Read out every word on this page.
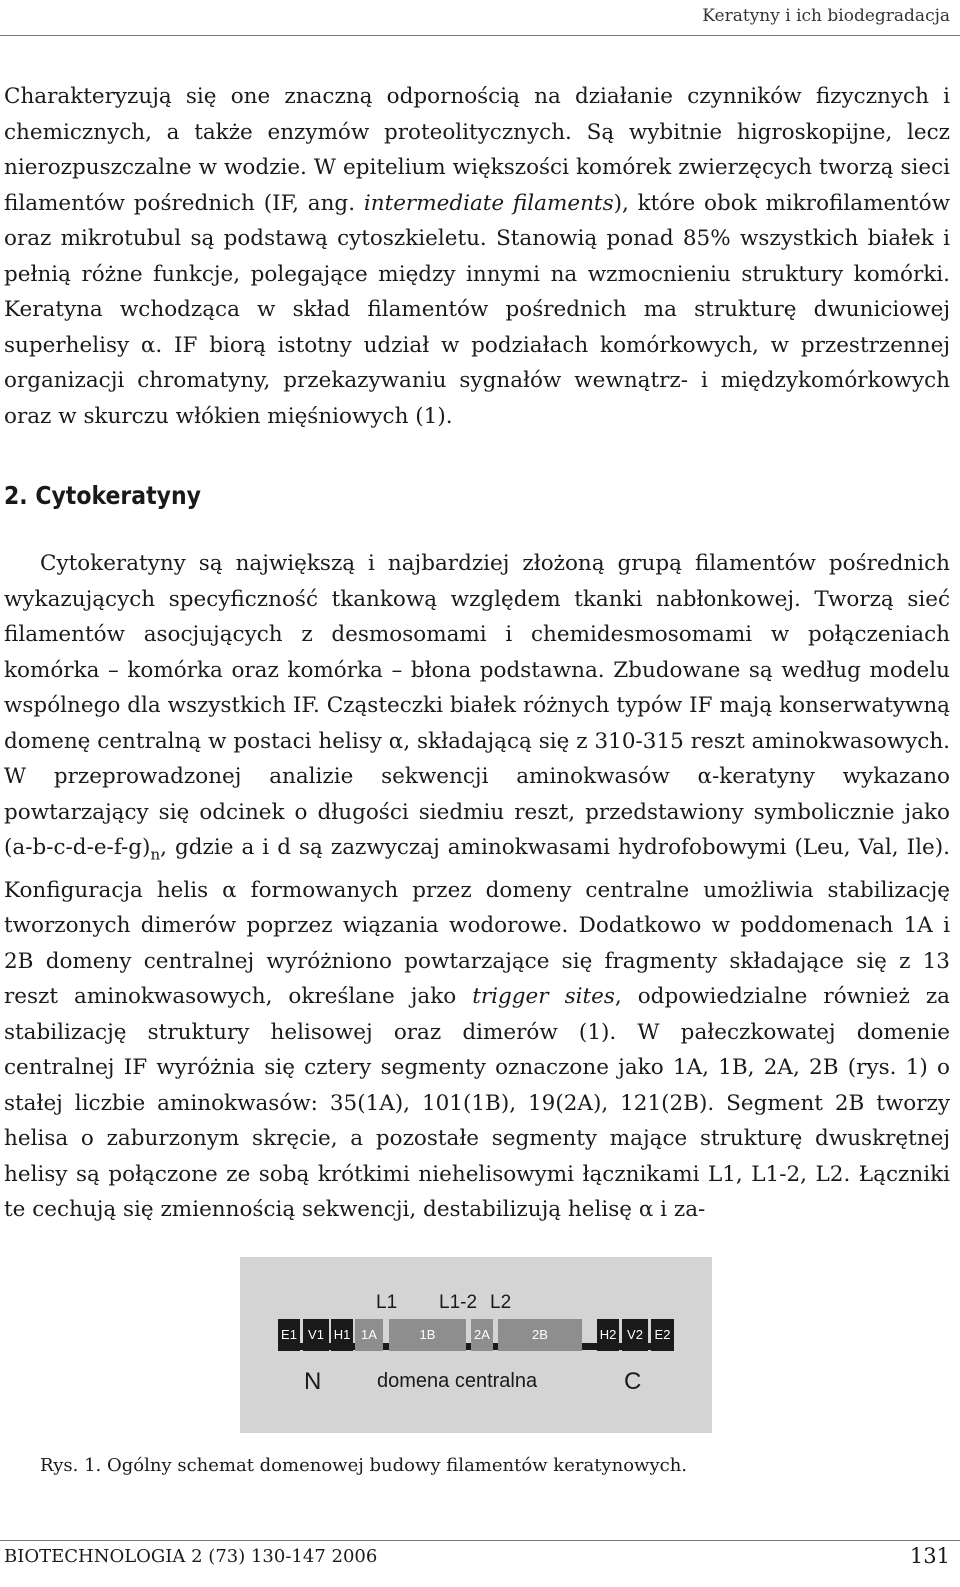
Keratyny i ich biodegradacja
Charakteryzują się one znaczną odpornością na działanie czynników fizycznych i chemicznych, a także enzymów proteolitycznych. Są wybitnie higroskopijne, lecz nierozpuszczalne w wodzie. W epitelium większości komórek zwierzęcych tworzą sieci filamentów pośrednich (IF, ang. intermediate filaments), które obok mikrofilamentów oraz mikrotubul są podstawą cytoszkieletu. Stanowią ponad 85% wszystkich białek i pełnią różne funkcje, polegające między innymi na wzmocnieniu struktury komórki. Keratyna wchodząca w skład filamentów pośrednich ma strukturę dwuniciowej superhelisy α. IF biorą istotny udział w podziałach komórkowych, w przestrzennej organizacji chromatyny, przekazywaniu sygnałów wewnątrz- i międzykomórkowych oraz w skurczu włókien mięśniowych (1).
2. Cytokeratyny
Cytokeratyny są największą i najbardziej złożoną grupą filamentów pośrednich wykazujących specyficzność tkankową względem tkanki nabłonkowej. Tworzą sieć filamentów asocjujących z desmosomami i chemidesmosomami w połączeniach komórka – komórka oraz komórka – błona podstawna. Zbudowane są według modelu wspólnego dla wszystkich IF. Cząsteczki białek różnych typów IF mają konserwatywną domenę centralną w postaci helisy α, składającą się z 310-315 reszt aminokwasowych. W przeprowadzonej analizie sekwencji aminokwasów α-keratyny wykazano powtarzający się odcinek o długości siedmiu reszt, przedstawiony symbolicznie jako $(a-b-c-d-e-f-g)_n$, gdzie a i d są zazwyczaj aminokwasami hydrofobowymi (Leu, Val, Ile). Konfiguracja helis α formowanych przez domeny centralne umożliwia stabilizację tworzonych dimerów poprzez wiązania wodorowe. Dodatkowo w poddomenach 1A i 2B domeny centralnej wyróżniono powtarzające się fragmenty składające się z 13 reszt aminokwasowych, określane jako trigger sites, odpowiedzialne również za stabilizację struktury helisowej oraz dimerów (1). W pałeczkowatej domenie centralnej IF wyróżnia się cztery segmenty oznaczone jako 1A, 1B, 2A, 2B (rys. 1) o stałej liczbie aminokwasów: 35(1A), 101(1B), 19(2A), 121(2B). Segment 2B tworzy helisa o zaburzonym skręcie, a pozostałe segmenty mające strukturę dwuskrętnej helisy są połączone ze sobą krótkimi niehelisowymi łącznikami L1, L1-2, L2. Łączniki te cechują się zmiennością sekwencji, destabilizują helisę α i za-
L1 L1-2 L2
E1 V1 H1 1A	1B	2A	2B	H2 V2 E2
N	domena centralna	C
Rys. 1. Ogólny schemat domenowej budowy filamentów keratynowych.
BIOTECHNOLOGIA 2 (73) 130-147 2006	131
